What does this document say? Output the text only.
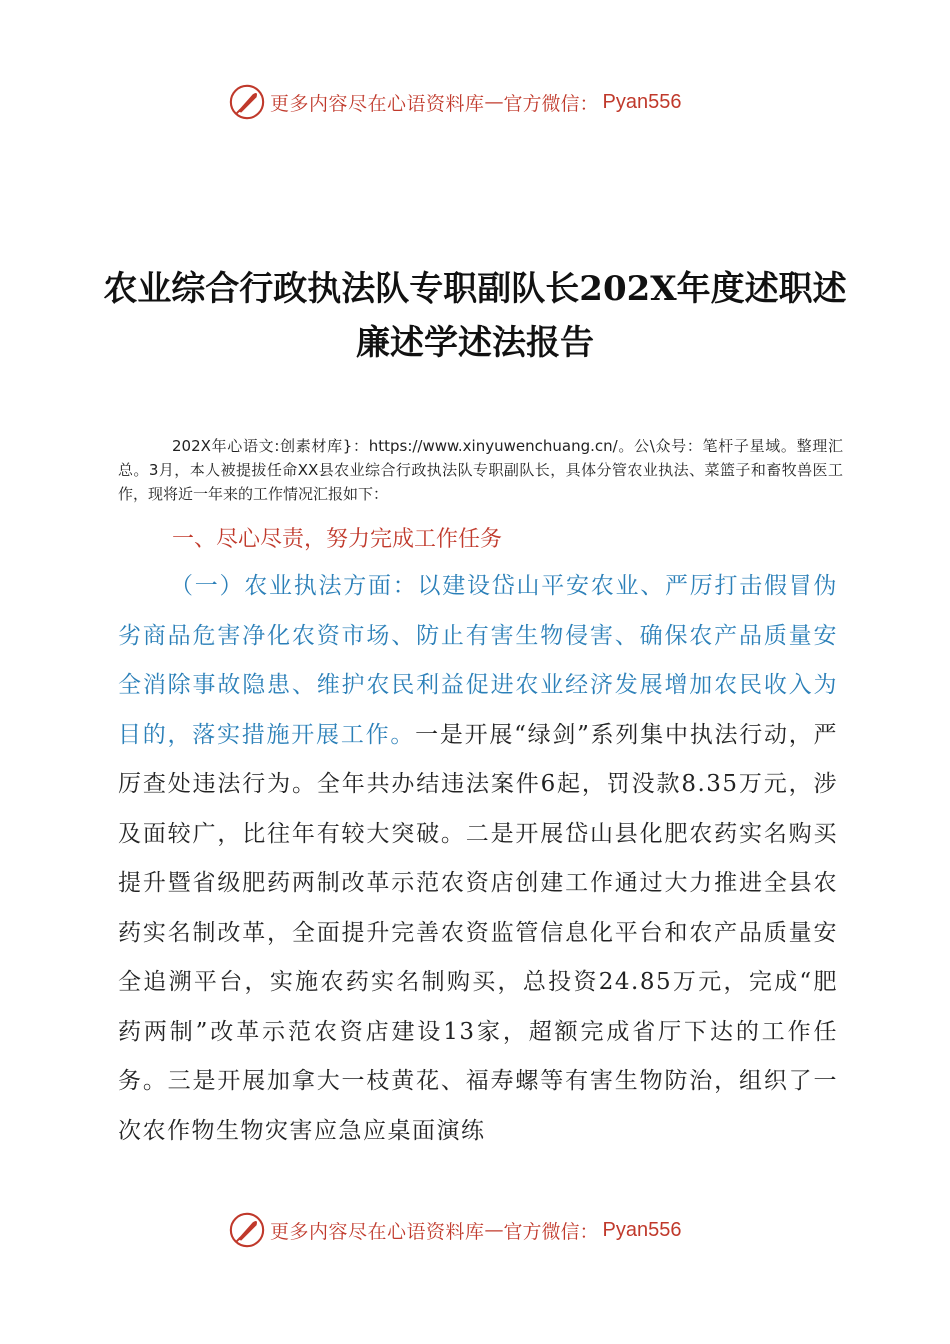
更多内容尽在心语资料库 — 官方微信： Pyan556
农业综合行政执法队专职副队长202X年度述职述廉述学述法报告
202X年心语文:创素材库}：https://www.xinyuwenchuang.cn/。公\众号：笔杆子星域。整理汇总。3月，本人被提拔任命XX县农业综合行政执法队专职副队长，具体分管农业执法、菜篮子和畜牧兽医工作，现将近一年来的工作情况汇报如下：
一、尽心尽责，努力完成工作任务
（一）农业执法方面：以建设岱山平安农业、严厉打击假冒伪劣商品危害净化农资市场、防止有害生物侵害、确保农产品质量安全消除事故隐患、维护农民利益促进农业经济发展增加农民收入为目的，落实措施开展工作。一是开展“绿剑”系列集中执法行动，严厉查处违法行为。全年共办结违法案件6起，罚没款8.35万元，涉及面较广，比往年有较大突破。二是开展岱山县化肥农药实名购买提升暨省级肥药两制改革示范农资店创建工作通过大力推进全县农药实名制改革，全面提升完善农资监管信息化平台和农产品质量安全追溯平台，实施农药实名制购买，总投资24.85万元，完成“肥药两制”改革示范农资店建设13家，超额完成省厅下达的工作任务。三是开展加拿大一枝黄花、福寿螺等有害生物防治，组织了一次农作物生物灾害应急应桌面演练
更多内容尽在心语资料库 — 官方微信： Pyan556
